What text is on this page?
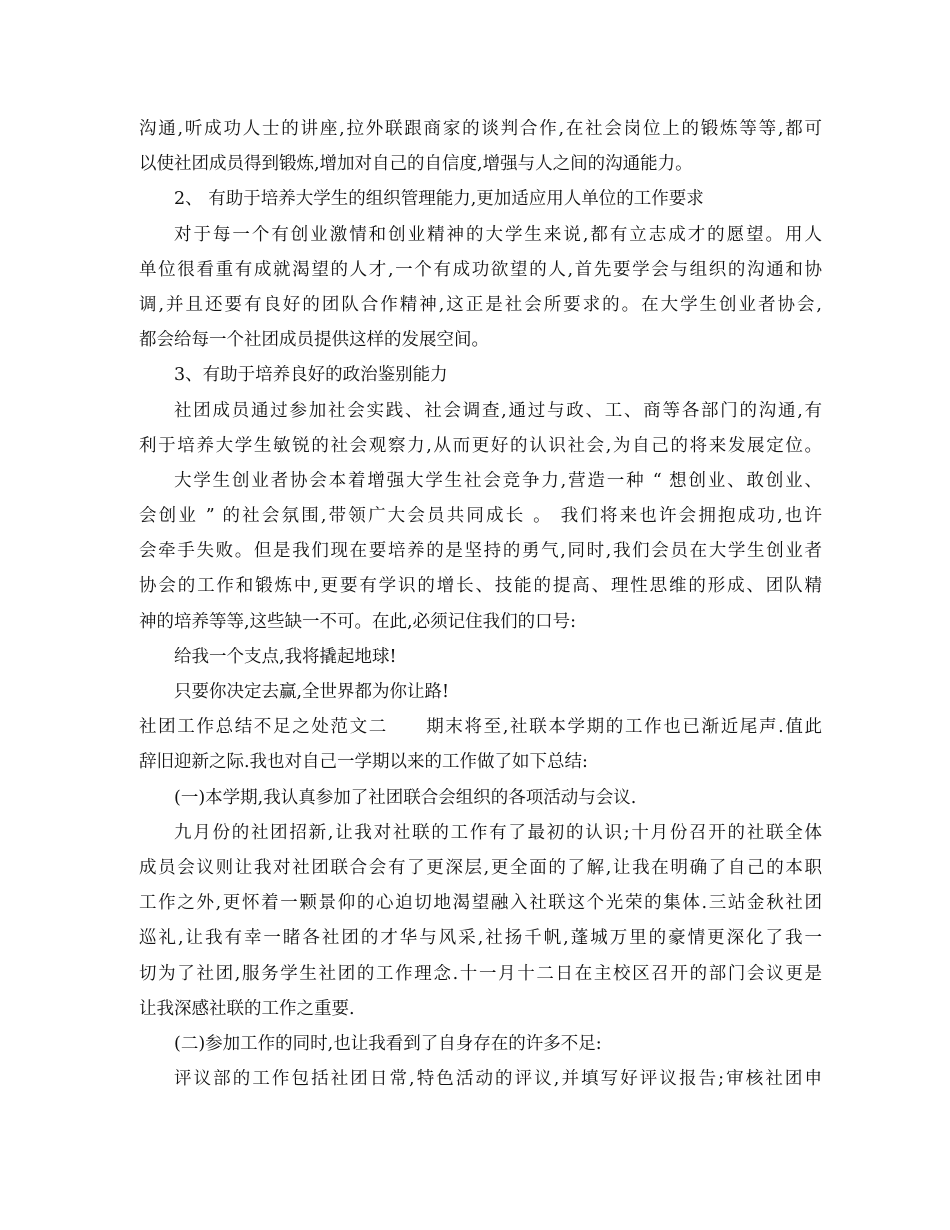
沟通,听成功人士的讲座,拉外联跟商家的谈判合作,在社会岗位上的锻炼等等,都可
以使社团成员得到锻炼,增加对自己的自信度,增强与人之间的沟通能力。
2、 有助于培养大学生的组织管理能力,更加适应用人单位的工作要求
对于每一个有创业激情和创业精神的大学生来说,都有立志成才的愿望。用人
单位很看重有成就渴望的人才,一个有成功欲望的人,首先要学会与组织的沟通和协
调,并且还要有良好的团队合作精神,这正是社会所要求的。在大学生创业者协会,
都会给每一个社团成员提供这样的发展空间。
3、有助于培养良好的政治鉴别能力
社团成员通过参加社会实践、社会调查,通过与政、工、商等各部门的沟通,有
利于培养大学生敏锐的社会观察力,从而更好的认识社会,为自己的将来发展定位。
大学生创业者协会本着增强大学生社会竞争力,营造一种 “ 想创业、敢创业、
会创业 ” 的社会氛围,带领广大会员共同成长 。 我们将来也许会拥抱成功,也许
会牵手失败。但是我们现在要培养的是坚持的勇气,同时,我们会员在大学生创业者
协会的工作和锻炼中,更要有学识的增长、技能的提高、理性思维的形成、团队精
神的培养等等,这些缺一不可。在此,必须记住我们的口号:
给我一个支点,我将撬起地球!
只要你决定去赢,全世界都为你让路!
社团工作总结不足之处范文二　　期末将至,社联本学期的工作也已渐近尾声.值此
辞旧迎新之际.我也对自己一学期以来的工作做了如下总结:
(一)本学期,我认真参加了社团联合会组织的各项活动与会议.
九月份的社团招新,让我对社联的工作有了最初的认识;十月份召开的社联全体
成员会议则让我对社团联合会有了更深层,更全面的了解,让我在明确了自己的本职
工作之外,更怀着一颗景仰的心迫切地渴望融入社联这个光荣的集体.三站金秋社团
巡礼,让我有幸一睹各社团的才华与风采,社扬千帆,蓬城万里的豪情更深化了我一
切为了社团,服务学生社团的工作理念.十一月十二日在主校区召开的部门会议更是
让我深感社联的工作之重要.
(二)参加工作的同时,也让我看到了自身存在的许多不足:
评议部的工作包括社团日常,特色活动的评议,并填写好评议报告;审核社团申
